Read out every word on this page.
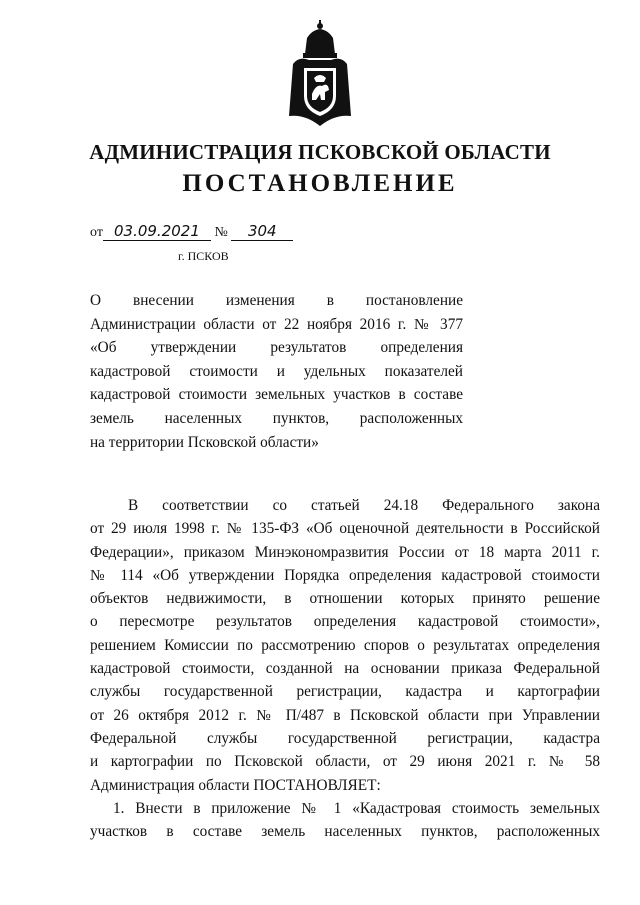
АДМИНИСТРАЦИЯ ПСКОВСКОЙ ОБЛАСТИ
ПОСТАНОВЛЕНИЕ
от 03.09.2021 № 304
г. ПСКОВ
О внесении изменения в постановление
Администрации области от 22 ноября 2016 г. № 377
«Об утверждении результатов определения
кадастровой стоимости и удельных показателей
кадастровой стоимости земельных участков в составе
земель населенных пунктов, расположенных
на территории Псковской области»
В соответствии со статьей 24.18 Федерального закона
от 29 июля 1998 г. № 135-ФЗ «Об оценочной деятельности в Российской
Федерации», приказом Минэкономразвития России от 18 марта 2011 г.
№ 114 «Об утверждении Порядка определения кадастровой стоимости
объектов недвижимости, в отношении которых принято решение
о пересмотре результатов определения кадастровой стоимости»,
решением Комиссии по рассмотрению споров о результатах определения
кадастровой стоимости, созданной на основании приказа Федеральной
службы государственной регистрации, кадастра и картографии
от 26 октября 2012 г. № П/487 в Псковской области при Управлении
Федеральной службы государственной регистрации, кадастра
и картографии по Псковской области, от 29 июня 2021 г. № 58
Администрация области ПОСТАНОВЛЯЕТ:
1. Внести в приложение № 1 «Кадастровая стоимость земельных
участков в составе земель населенных пунктов, расположенных
